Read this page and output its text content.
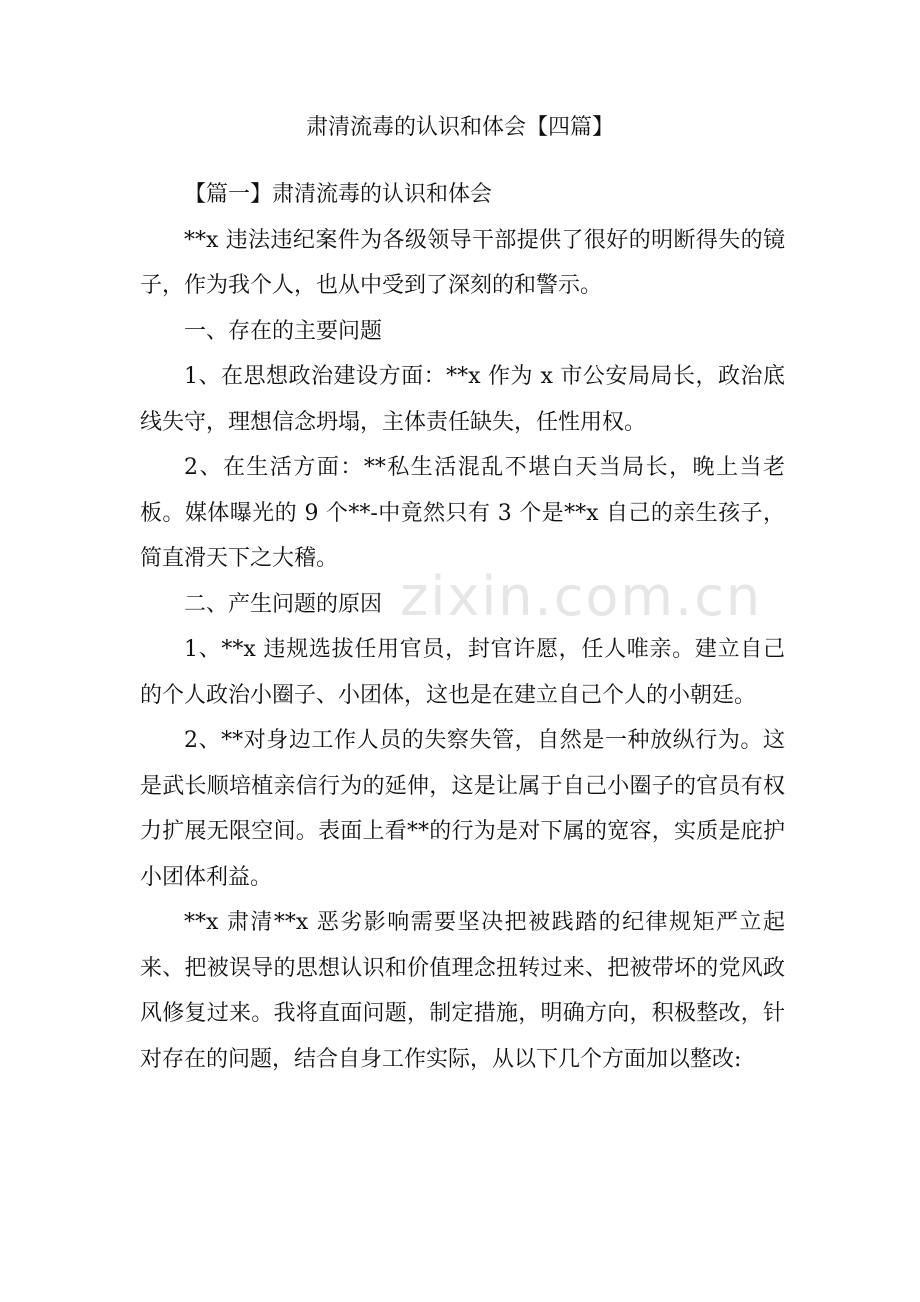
zixin.com.cn
肃清流毒的认识和体会【四篇】

【篇一】肃清流毒的认识和体会

**x 违法违纪案件为各级领导干部提供了很好的明断得失的镜子，作为我个人，也从中受到了深刻的和警示。

一、存在的主要问题

1、在思想政治建设方面：**x 作为 x 市公安局局长，政治底线失守，理想信念坍塌，主体责任缺失，任性用权。

2、在生活方面：**私生活混乱不堪白天当局长，晚上当老板。媒体曝光的 9 个**-中竟然只有 3 个是**x 自己的亲生孩子，简直滑天下之大稽。

二、产生问题的原因

1、**x 违规选拔任用官员，封官许愿，任人唯亲。建立自己的个人政治小圈子、小团体，这也是在建立自己个人的小朝廷。

2、**对身边工作人员的失察失管，自然是一种放纵行为。这是武长顺培植亲信行为的延伸，这是让属于自己小圈子的官员有权力扩展无限空间。表面上看**的行为是对下属的宽容，实质是庇护小团体利益。

**x 肃清**x 恶劣影响需要坚决把被践踏的纪律规矩严立起来、把被误导的思想认识和价值理念扭转过来、把被带坏的党风政风修复过来。我将直面问题，制定措施，明确方向，积极整改，针对存在的问题，结合自身工作实际，从以下几个方面加以整改:
